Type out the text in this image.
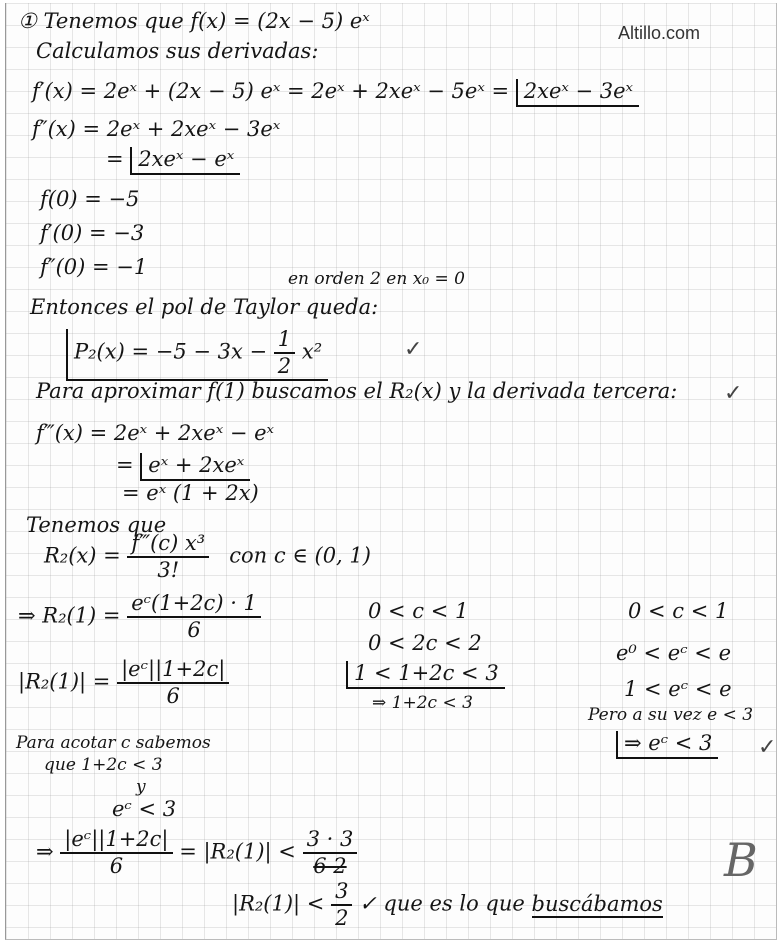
Altillo.com
① Tenemos que f(x) = (2x − 5) eˣ
Calculamos sus derivadas:
f′(x) = 2eˣ + (2x − 5) eˣ = 2eˣ + 2xeˣ − 5eˣ = 2xeˣ − 3eˣ
f″(x) = 2eˣ + 2xeˣ − 3eˣ
= 2xeˣ − eˣ
f(0) = −5
f′(0) = −3
f″(0) = −1	en orden 2 en x₀ = 0
Entonces el pol de Taylor queda:
$P_2(x) = -5 - 3x - \frac{1}{2} x^2$	✓
Para aproximar f(1) buscamos el R₂(x) y la derivada tercera: ✓
f‴(x) = 2eˣ + 2xeˣ − eˣ
= eˣ + 2xeˣ
= eˣ (1 + 2x)
Tenemos que
$R_2(x) = \frac{\text{f‴(c) x³}}{3!}$ con c ∈ (0, 1)
⇒ $R_2(1) = \frac{\text{eᶜ(1+2c) · 1}}{6}$
$|R_2(1)| = \frac{\text{|eᶜ||1+2c|}}{6}$
0 < c < 1
0 < 2c < 2
1 < 1+2c < 3
⇒ 1+2c < 3
0 < c < 1
e⁰ < eᶜ < e
1 < eᶜ < e
Pero a su vez e < 3
⇒ eᶜ < 3 ✓
Para acotar c sabemos
que 1+2c < 3
y
eᶜ < 3
⇒ $\frac{\text{|eᶜ||1+2c|}}{6} = |R_2(1)| < \frac{3 \cdot 3}{6 2}$
$|R_2(1)| < \frac{3}{2}$ ✓ que es lo que buscábamos
B
